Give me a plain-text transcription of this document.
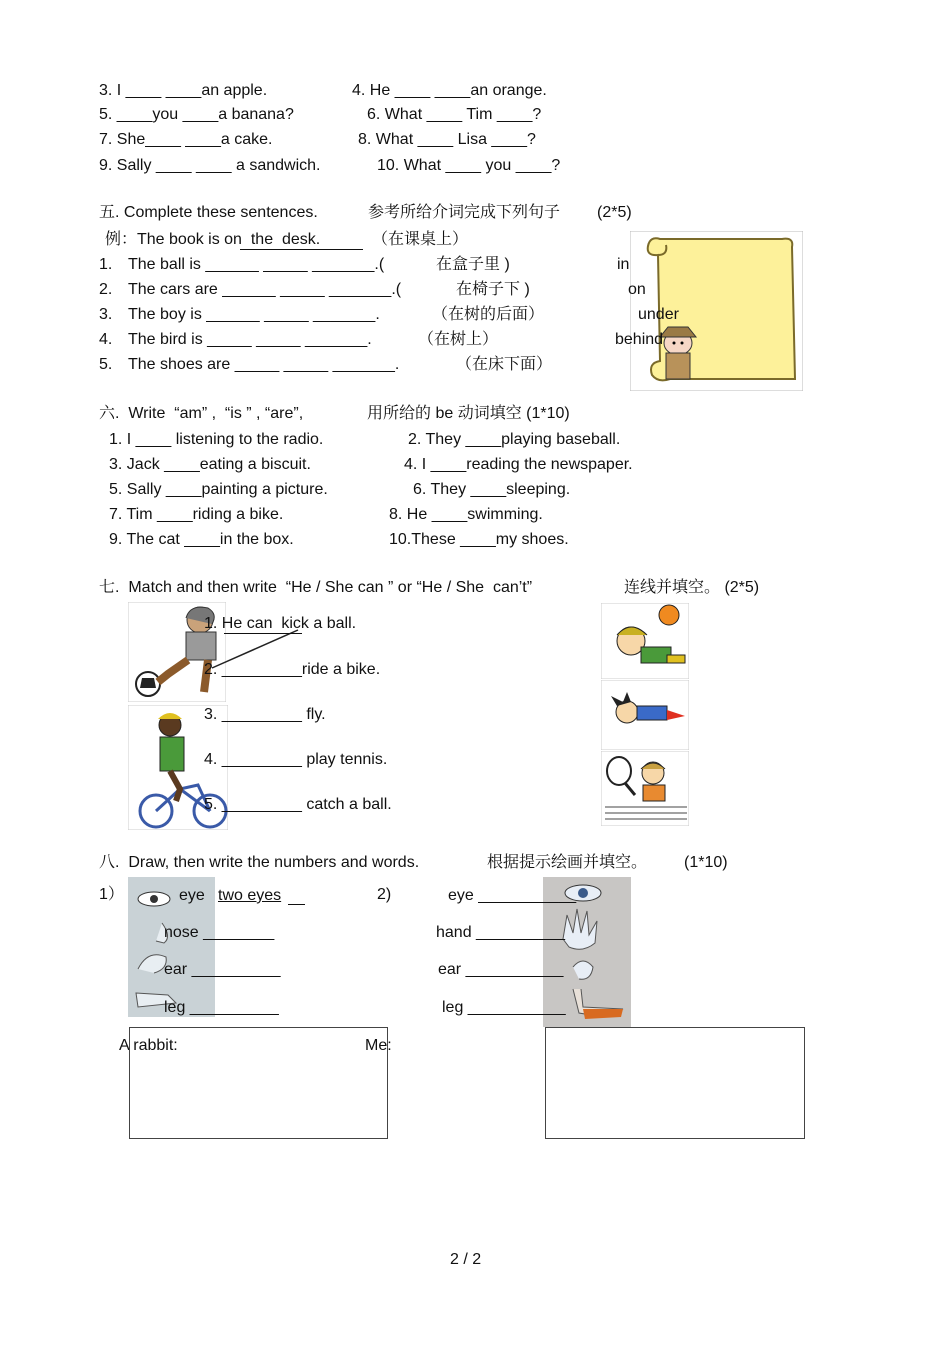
3. I ____ ____an apple.	4. He ____ ____an orange.
5. ____you ____a banana?	6. What ____ Tim ____?
7. She____ ____a cake.	8. What ____ Lisa ____?
9. Sally ____ ____ a sandwich.	10. What ____ you ____?
五. Complete these sentences.	参考所给介词完成下列句子 (2*5)
例：The book is on  the  desk.	（在课桌上）
1. The ball is ______ _____ _______.(	在盒子里 )
2. The cars are ______ _____ _______.(	在椅子下 )
3. The boy is ______ _____ _______.	（在树的后面）
4. The bird is _____ _____ _______.	（在树上）
5. The shoes are _____ _____ _______.	（在床下面）
in
on
under
behind
六.  Write  “am” ,  “is ” , “are”,	用所给的 be 动词填空 (1*10)
1. I ____ listening to the radio.	2. They ____playing baseball.
3. Jack ____eating a biscuit.	4. I ____reading the newspaper.
5. Sally ____painting a picture.	6. They ____sleeping.
7. Tim ____riding a bike.	8. He ____swimming.
9. The cat ____in the box.	10.These ____my shoes.
七.  Match and then write  “He / She can ” or “He / She  can’t”	连线并填空。 (2*5)
1. He can  kick a ball.
2. _________ride a bike.
3. _________ fly.
4. _________ play tennis.
5. _________ catch a ball.
八.  Draw, then write the numbers and words.	根据提示绘画并填空。 (1*10)
1）	2)
eye two eyes
nose ________
ear __________
leg __________
eye ___________
hand __________
ear ___________
leg ___________
A rabbit:	Me:
2 / 2
